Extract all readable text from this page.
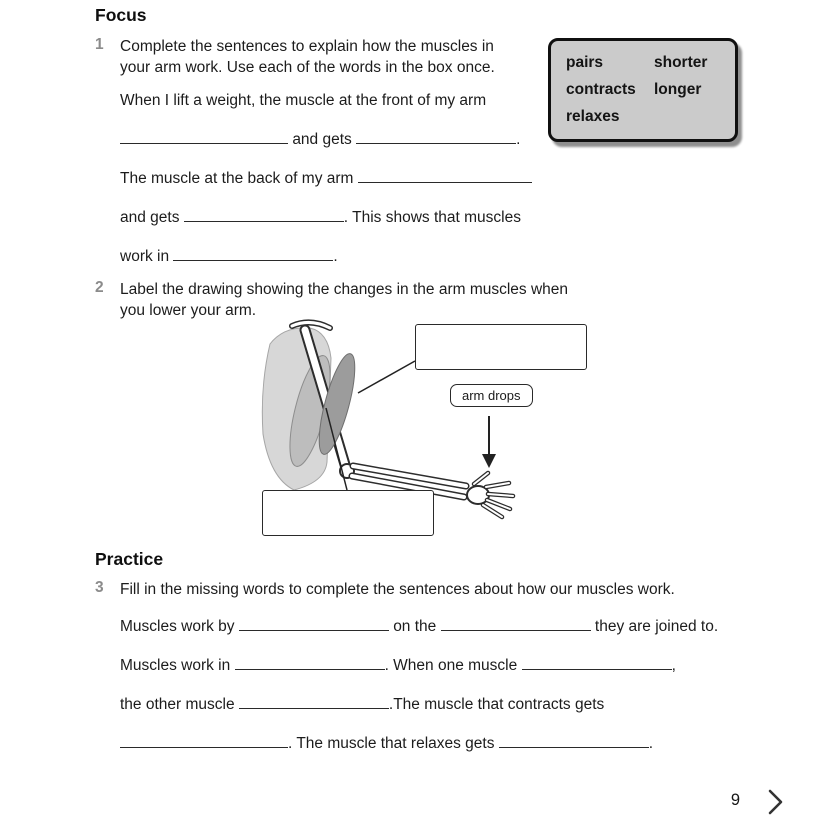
Focus
1 Complete the sentences to explain how the muscles in your arm work. Use each of the words in the box once.
When I lift a weight, the muscle at the front of my arm
and gets	.
The muscle at the back of my arm
and gets	. This shows that muscles
work in	.
pairs	shorter
contracts	longer
relaxes
2 Label the drawing showing the changes in the arm muscles when you lower your arm.
arm drops
Practice
3 Fill in the missing words to complete the sentences about how our muscles work.
Muscles work by	on the	they are joined to.
Muscles work in	. When one muscle	,
the other muscle	.The muscle that contracts gets
. The muscle that relaxes gets	.
9
